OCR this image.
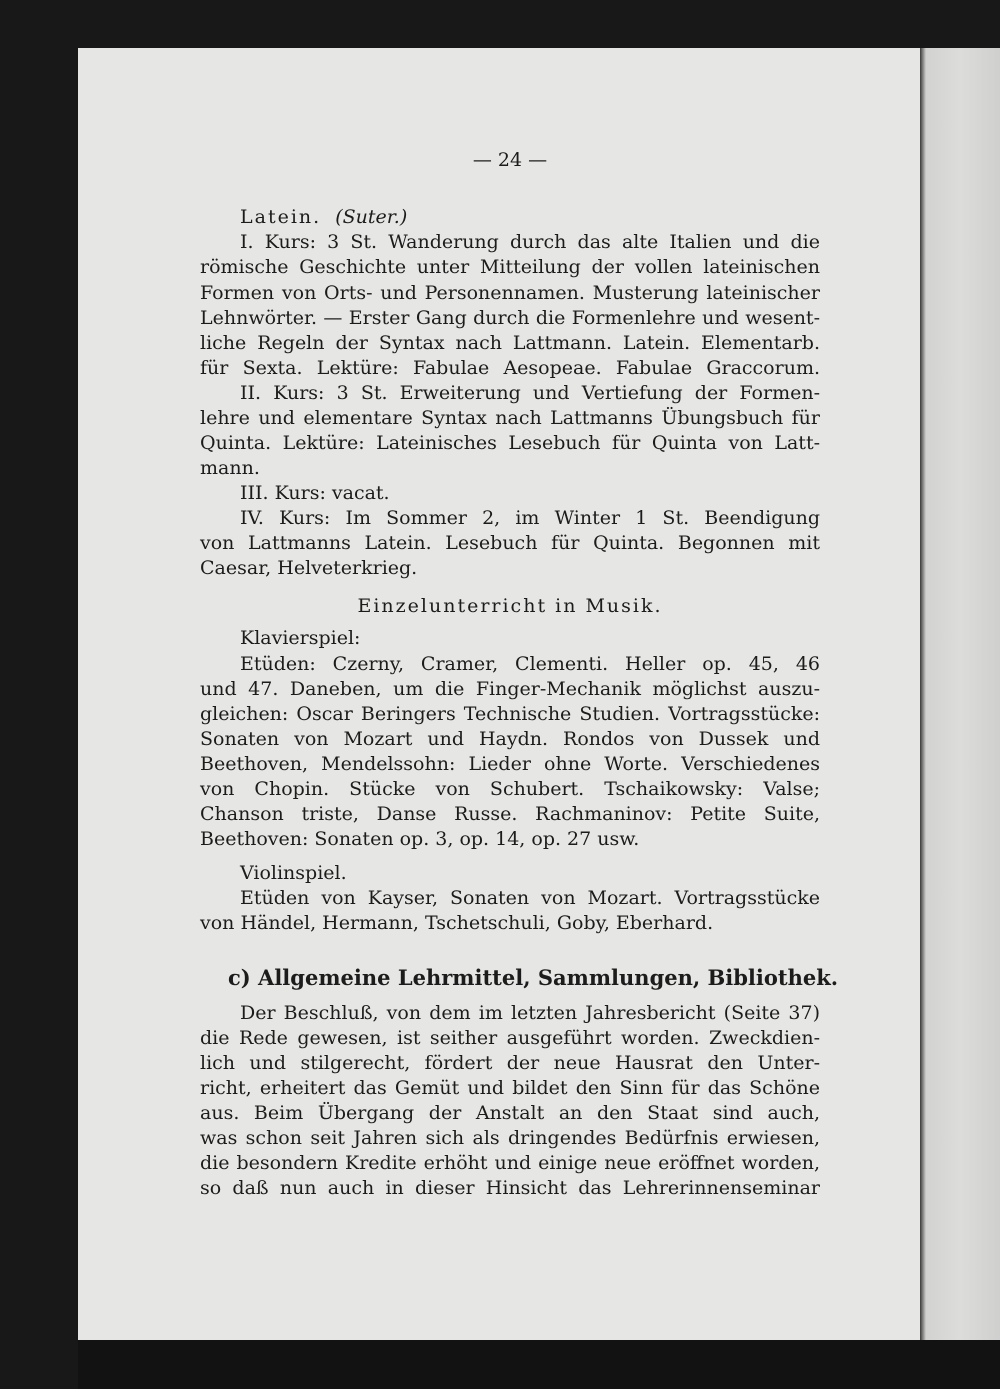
— 24 —
Latein. (Suter.)
I. Kurs: 3 St. Wanderung durch das alte Italien und die
römische Geschichte unter Mitteilung der vollen lateinischen
Formen von Orts- und Personennamen. Musterung lateinischer
Lehnwörter. — Erster Gang durch die Formenlehre und wesent-
liche Regeln der Syntax nach Lattmann. Latein. Elementarb.
für Sexta. Lektüre: Fabulae Aesopeae. Fabulae Graccorum.
II. Kurs: 3 St. Erweiterung und Vertiefung der Formen-
lehre und elementare Syntax nach Lattmanns Übungsbuch für
Quinta. Lektüre: Lateinisches Lesebuch für Quinta von Latt-
mann.
III. Kurs: vacat.
IV. Kurs: Im Sommer 2, im Winter 1 St. Beendigung
von Lattmanns Latein. Lesebuch für Quinta. Begonnen mit
Caesar, Helveterkrieg.
Einzelunterricht in Musik.
Klavierspiel:
Etüden: Czerny, Cramer, Clementi. Heller op. 45, 46
und 47. Daneben, um die Finger-Mechanik möglichst auszu-
gleichen: Oscar Beringers Technische Studien. Vortragsstücke:
Sonaten von Mozart und Haydn. Rondos von Dussek und
Beethoven, Mendelssohn: Lieder ohne Worte. Verschiedenes
von Chopin. Stücke von Schubert. Tschaikowsky: Valse;
Chanson triste, Danse Russe. Rachmaninov: Petite Suite,
Beethoven: Sonaten op. 3, op. 14, op. 27 usw.
Violinspiel.
Etüden von Kayser, Sonaten von Mozart. Vortragsstücke
von Händel, Hermann, Tschetschuli, Goby, Eberhard.
c) Allgemeine Lehrmittel, Sammlungen, Bibliothek.
Der Beschluß, von dem im letzten Jahresbericht (Seite 37)
die Rede gewesen, ist seither ausgeführt worden. Zweckdien-
lich und stilgerecht, fördert der neue Hausrat den Unter-
richt, erheitert das Gemüt und bildet den Sinn für das Schöne
aus. Beim Übergang der Anstalt an den Staat sind auch,
was schon seit Jahren sich als dringendes Bedürfnis erwiesen,
die besondern Kredite erhöht und einige neue eröffnet worden,
so daß nun auch in dieser Hinsicht das Lehrerinnenseminar
